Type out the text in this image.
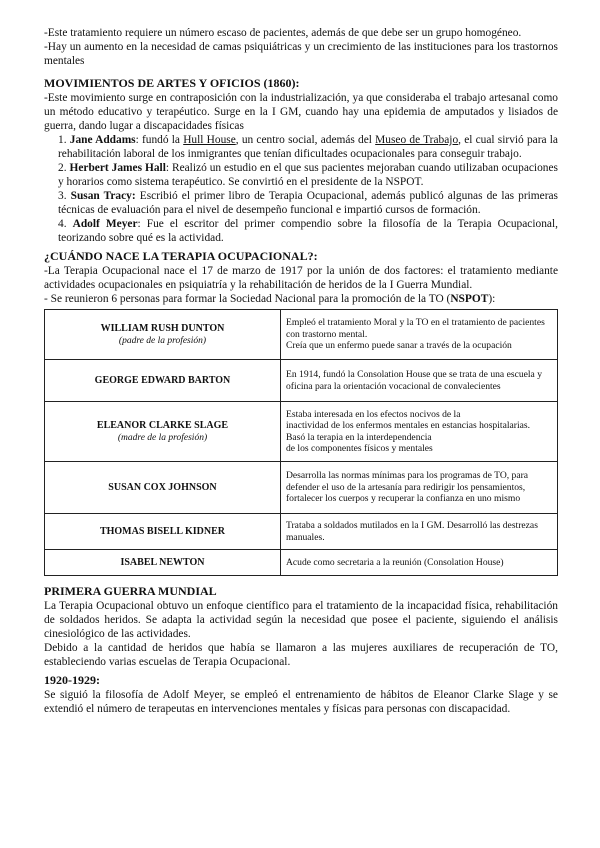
-Este tratamiento requiere un número escaso de pacientes, además de que debe ser un grupo homogéneo.

-Hay un aumento en la necesidad de camas psiquiátricas y un crecimiento de las instituciones para los trastornos mentales

MOVIMIENTOS DE ARTES Y OFICIOS (1860):

-Este movimiento surge en contraposición con la industrialización, ya que consideraba el trabajo artesanal como un método educativo y terapéutico. Surge en la I GM, cuando hay una epidemia de amputados y lisiados de guerra, dando lugar a discapacidades físicas

1. Jane Addams: fundó la Hull House, un centro social, además del Museo de Trabajo, el cual sirvió para la rehabilitación laboral de los inmigrantes que tenían dificultades ocupacionales para conseguir trabajo.

2. Herbert James Hall: Realizó un estudio en el que sus pacientes mejoraban cuando utilizaban ocupaciones y horarios como sistema terapéutico. Se convirtió en el presidente de la NSPOT.

3. Susan Tracy: Escribió el primer libro de Terapia Ocupacional, además publicó algunas de las primeras técnicas de evaluación para el nivel de desempeño funcional e impartió cursos de formación.

4. Adolf Meyer: Fue el escritor del primer compendio sobre la filosofía de la Terapia Ocupacional, teorizando sobre qué es la actividad.

¿CUÁNDO NACE LA TERAPIA OCUPACIONAL?:

-La Terapia Ocupacional nace el 17 de marzo de 1917 por la unión de dos factores: el tratamiento mediante actividades ocupacionales en psiquiatría y la rehabilitación de heridos de la I Guerra Mundial.

- Se reunieron 6 personas para formar la Sociedad Nacional para la promoción de la TO (NSPOT):

WILLIAM RUSH DUNTON
(padre de la profesión)	Empleó el tratamiento Moral y la TO en el tratamiento de pacientes con trastorno mental.
Creía que un enfermo puede sanar a través de la ocupación

GEORGE EDWARD BARTON	En 1914, fundó la Consolation House que se trata de una escuela y oficina para la orientación vocacional de convalecientes

ELEANOR CLARKE SLAGE
(madre de la profesión)	Estaba interesada en los efectos nocivos de la
inactividad de los enfermos mentales en estancias hospitalarias.
Basó la terapia en la interdependencia
de los componentes físicos y mentales

SUSAN COX JOHNSON	Desarrolla las normas mínimas para los programas de TO, para defender el uso de la artesanía para redirigir los pensamientos, fortalecer los cuerpos y recuperar la confianza en uno mismo

THOMAS BISELL KIDNER	Trataba a soldados mutilados en la I GM. Desarrolló las destrezas manuales.

ISABEL NEWTON	Acude como secretaria a la reunión (Consolation House)
PRIMERA GUERRA MUNDIAL

La Terapia Ocupacional obtuvo un enfoque científico para el tratamiento de la incapacidad física, rehabilitación de soldados heridos. Se adapta la actividad según la necesidad que posee el paciente, siguiendo el análisis cinesiológico de las actividades.

Debido a la cantidad de heridos que había se llamaron a las mujeres auxiliares de recuperación de TO, estableciendo varias escuelas de Terapia Ocupacional.

1920-1929:

Se siguió la filosofía de Adolf Meyer, se empleó el entrenamiento de hábitos de Eleanor Clarke Slage y se extendió el número de terapeutas en intervenciones mentales y físicas para personas con discapacidad.
